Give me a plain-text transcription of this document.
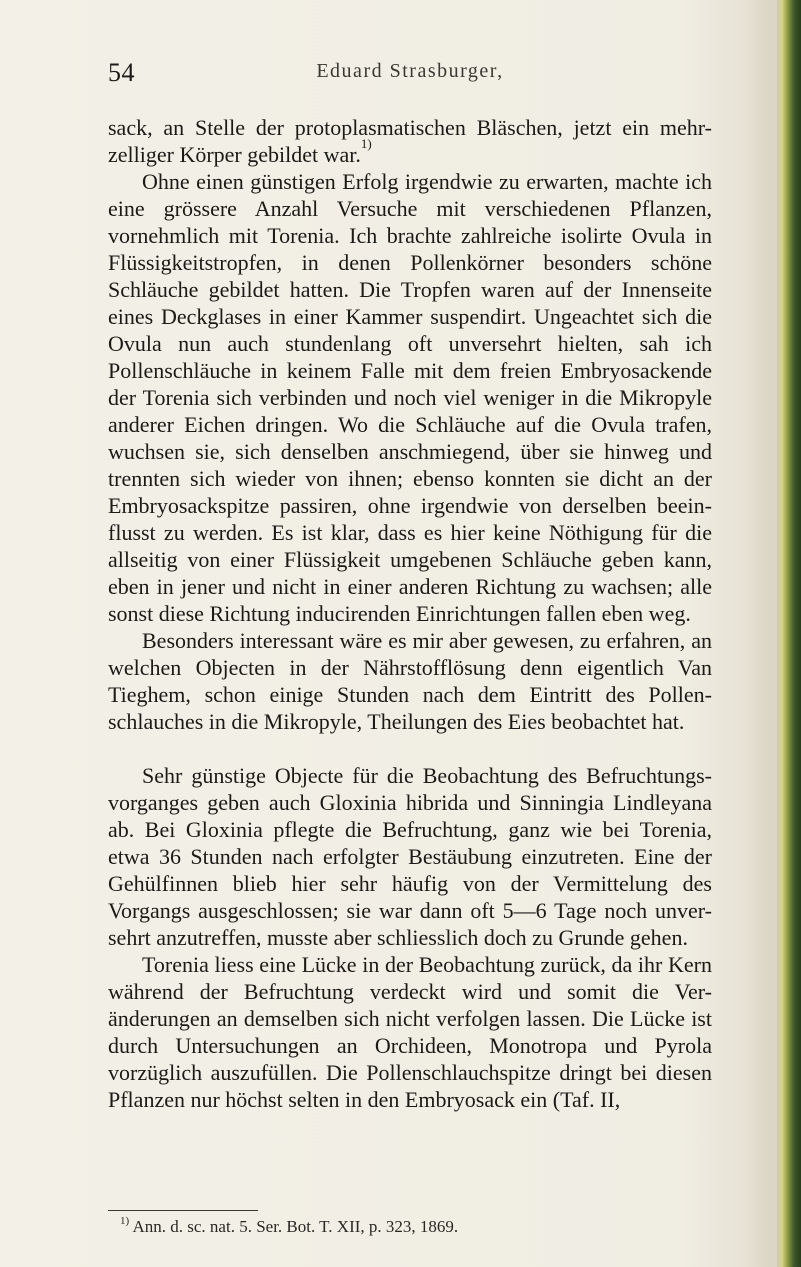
54	Eduard Strasburger,

sack, an Stelle der protoplasmatischen Bläschen, jetzt ein mehr-zelliger Körper gebildet war.$^{1)}$

Ohne einen günstigen Erfolg irgendwie zu erwarten, machte ich eine grössere Anzahl Versuche mit verschiedenen Pflanzen, vornehmlich mit Torenia. Ich brachte zahlreiche isolirte Ovula in Flüssigkeitstropfen, in denen Pollenkörner besonders schöne Schläuche gebildet hatten. Die Tropfen waren auf der Innenseite eines Deckglases in einer Kammer suspendirt. Ungeachtet sich die Ovula nun auch stundenlang oft unversehrt hielten, sah ich Pollenschläuche in keinem Falle mit dem freien Embryosackende der Torenia sich verbinden und noch viel weniger in die Mikropyle anderer Eichen dringen. Wo die Schläuche auf die Ovula trafen, wuchsen sie, sich denselben anschmiegend, über sie hinweg und trennten sich wieder von ihnen; ebenso konnten sie dicht an der Embryosackspitze passiren, ohne irgendwie von derselben beein-flusst zu werden. Es ist klar, dass es hier keine Nöthigung für die allseitig von einer Flüssigkeit umgebenen Schläuche geben kann, eben in jener und nicht in einer anderen Richtung zu wachsen; alle sonst diese Richtung inducirenden Einrichtungen fallen eben weg.

Besonders interessant wäre es mir aber gewesen, zu erfahren, an welchen Objecten in der Nährstofflösung denn eigentlich Van Tieghem, schon einige Stunden nach dem Eintritt des Pollen-schlauches in die Mikropyle, Theilungen des Eies beobachtet hat.

Sehr günstige Objecte für die Beobachtung des Befruchtungs-vorganges geben auch Gloxinia hibrida und Sinningia Lindleyana ab. Bei Gloxinia pflegte die Befruchtung, ganz wie bei Torenia, etwa 36 Stunden nach erfolgter Bestäubung einzutreten. Eine der Gehülfinnen blieb hier sehr häufig von der Vermittelung des Vorgangs ausgeschlossen; sie war dann oft 5—6 Tage noch unver-sehrt anzutreffen, musste aber schliesslich doch zu Grunde gehen.

Torenia liess eine Lücke in der Beobachtung zurück, da ihr Kern während der Befruchtung verdeckt wird und somit die Ver-änderungen an demselben sich nicht verfolgen lassen. Die Lücke ist durch Untersuchungen an Orchideen, Monotropa und Pyrola vorzüglich auszufüllen. Die Pollenschlauchspitze dringt bei diesen Pflanzen nur höchst selten in den Embryosack ein (Taf. II,

$^{1)}$ Ann. d. sc. nat. 5. Ser. Bot. T. XII, p. 323, 1869.
